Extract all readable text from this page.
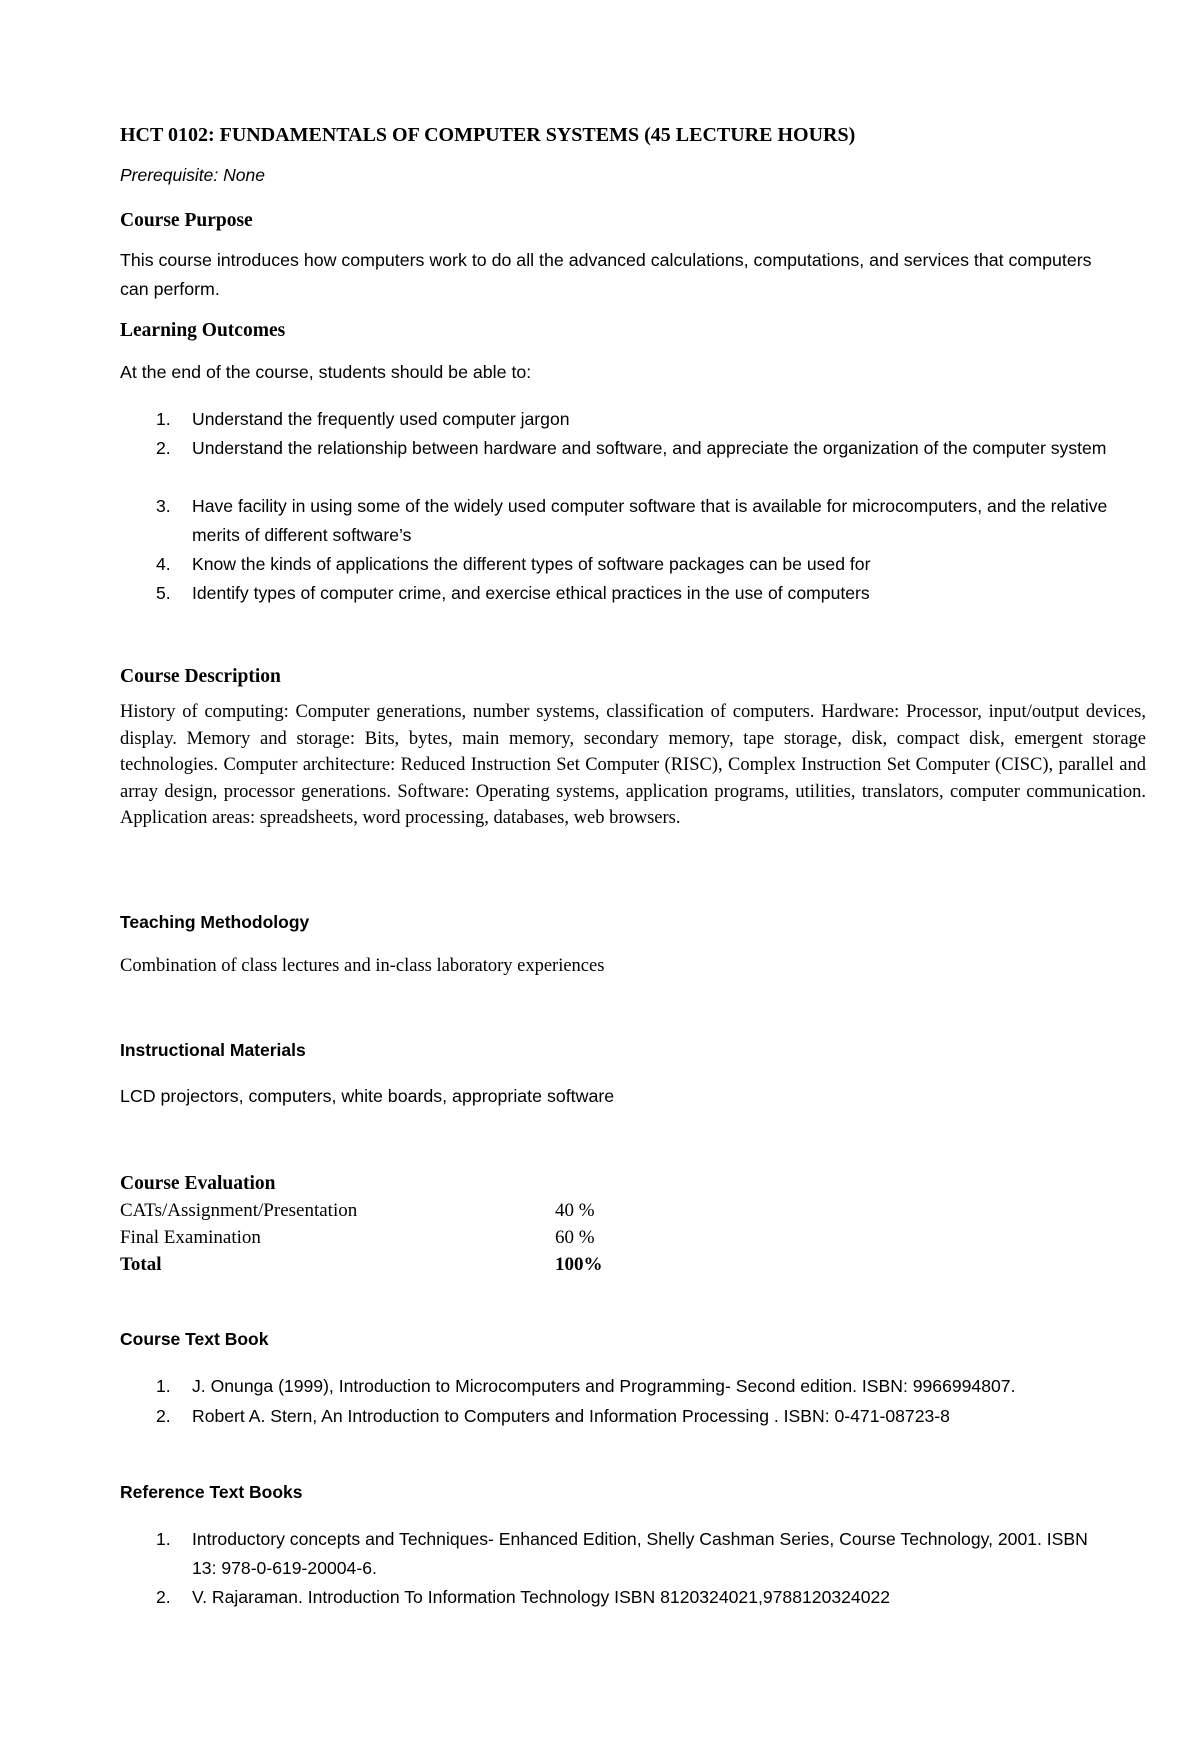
HCT 0102: FUNDAMENTALS OF COMPUTER SYSTEMS (45 LECTURE HOURS)

Prerequisite: None

Course Purpose

This course introduces how computers work to do all the advanced calculations, computations, and services that computers can perform.

Learning Outcomes

At the end of the course, students should be able to:

1. Understand the frequently used computer jargon
2. Understand the relationship between hardware and software, and appreciate the organization of the computer system
3. Have facility in using some of the widely used computer software that is available for microcomputers, and the relative merits of different software’s
4. Know the kinds of applications the different types of software packages can be used for
5. Identify types of computer crime, and exercise ethical practices in the use of computers
Course Description

History of computing: Computer generations, number systems, classification of computers. Hardware: Processor, input/output devices, display. Memory and storage: Bits, bytes, main memory, secondary memory, tape storage, disk, compact disk, emergent storage technologies. Computer architecture: Reduced Instruction Set Computer (RISC), Complex Instruction Set Computer (CISC), parallel and array design, processor generations. Software: Operating systems, application programs, utilities, translators, computer communication. Application areas: spreadsheets, word processing, databases, web browsers.

Teaching Methodology

Combination of class lectures and in-class laboratory experiences

Instructional Materials

LCD projectors, computers, white boards, appropriate software

Course Evaluation
CATs/Assignment/Presentation	40 %
Final Examination	60 %
Total	100%
Course Text Book
1. J. Onunga (1999), Introduction to Microcomputers and Programming- Second edition. ISBN: 9966994807.
2. Robert A. Stern, An Introduction to Computers and Information Processing . ISBN: 0-471-08723-8
Reference Text Books
1. Introductory concepts and Techniques- Enhanced Edition, Shelly Cashman Series, Course Technology, 2001. ISBN 13: 978-0-619-20004-6.
2. V. Rajaraman. Introduction To Information Technology ISBN 8120324021,9788120324022
